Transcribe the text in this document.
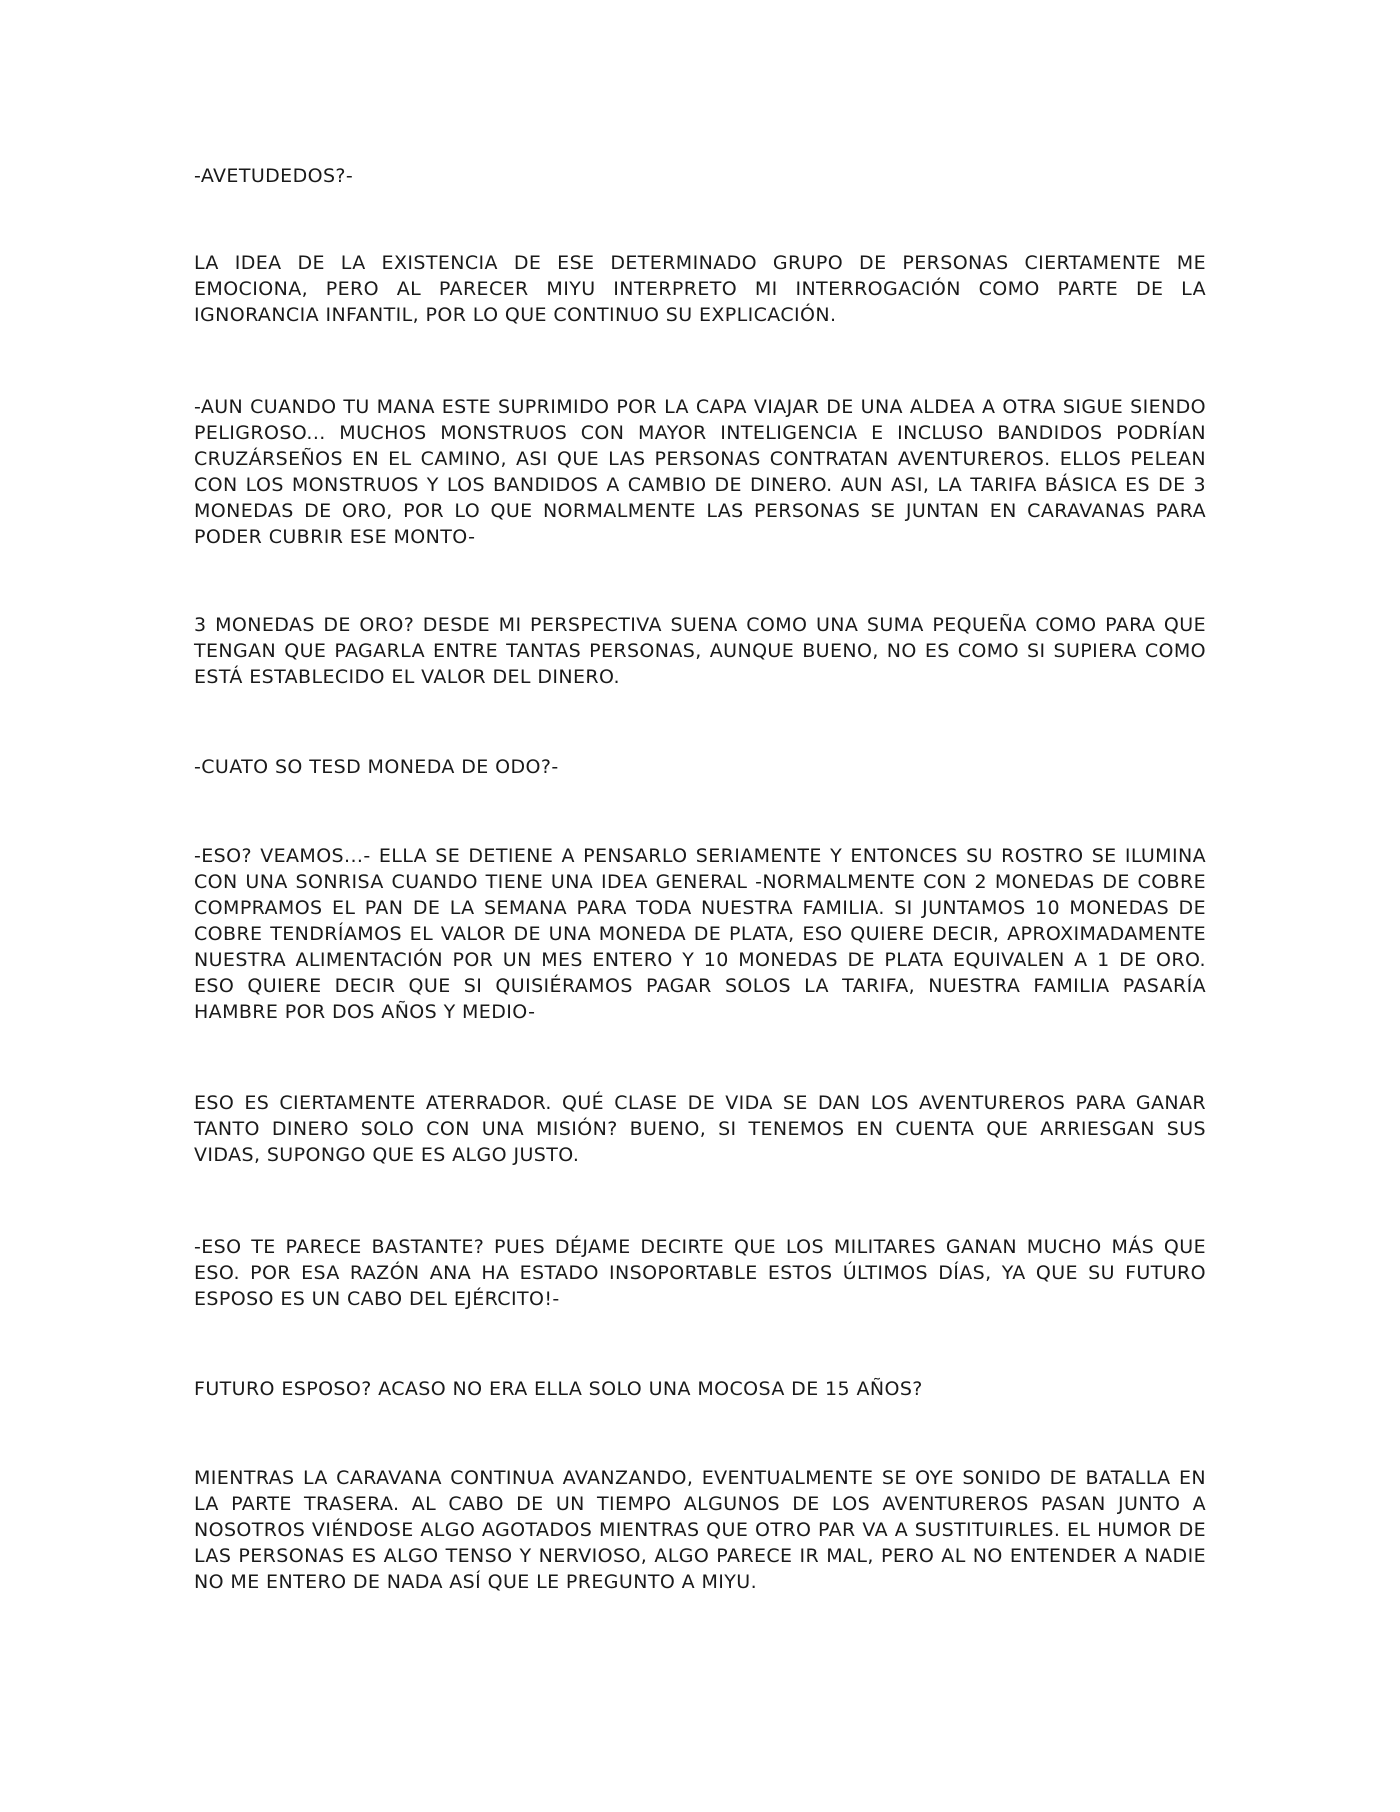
-AVETUDEDOS?-

LA IDEA DE LA EXISTENCIA DE ESE DETERMINADO GRUPO DE PERSONAS CIERTAMENTE ME EMOCIONA, PERO AL PARECER MIYU INTERPRETO MI INTERROGACIÓN COMO PARTE DE LA IGNORANCIA INFANTIL, POR LO QUE CONTINUO SU EXPLICACIÓN.

-AUN CUANDO TU MANA ESTE SUPRIMIDO POR LA CAPA VIAJAR DE UNA ALDEA A OTRA SIGUE SIENDO PELIGROSO... MUCHOS MONSTRUOS CON MAYOR INTELIGENCIA E INCLUSO BANDIDOS PODRÍAN CRUZÁRSEÑOS EN EL CAMINO, ASI QUE LAS PERSONAS CONTRATAN AVENTUREROS. ELLOS PELEAN CON LOS MONSTRUOS Y LOS BANDIDOS A CAMBIO DE DINERO. AUN ASI, LA TARIFA BÁSICA ES DE 3 MONEDAS DE ORO, POR LO QUE NORMALMENTE LAS PERSONAS SE JUNTAN EN CARAVANAS PARA PODER CUBRIR ESE MONTO-

3 MONEDAS DE ORO? DESDE MI PERSPECTIVA SUENA COMO UNA SUMA PEQUEÑA COMO PARA QUE TENGAN QUE PAGARLA ENTRE TANTAS PERSONAS, AUNQUE BUENO, NO ES COMO SI SUPIERA COMO ESTÁ ESTABLECIDO EL VALOR DEL DINERO.

-CUATO SO TESD MONEDA DE ODO?-

-ESO? VEAMOS...- ELLA SE DETIENE A PENSARLO SERIAMENTE Y ENTONCES SU ROSTRO SE ILUMINA CON UNA SONRISA CUANDO TIENE UNA IDEA GENERAL -NORMALMENTE CON 2 MONEDAS DE COBRE COMPRAMOS EL PAN DE LA SEMANA PARA TODA NUESTRA FAMILIA. SI JUNTAMOS 10 MONEDAS DE COBRE TENDRÍAMOS EL VALOR DE UNA MONEDA DE PLATA, ESO QUIERE DECIR, APROXIMADAMENTE NUESTRA ALIMENTACIÓN POR UN MES ENTERO Y 10 MONEDAS DE PLATA EQUIVALEN A 1 DE ORO. ESO QUIERE DECIR QUE SI QUISIÉRAMOS PAGAR SOLOS LA TARIFA, NUESTRA FAMILIA PASARÍA HAMBRE POR DOS AÑOS Y MEDIO-

ESO ES CIERTAMENTE ATERRADOR. QUÉ CLASE DE VIDA SE DAN LOS AVENTUREROS PARA GANAR TANTO DINERO SOLO CON UNA MISIÓN? BUENO, SI TENEMOS EN CUENTA QUE ARRIESGAN SUS VIDAS, SUPONGO QUE ES ALGO JUSTO.

-ESO TE PARECE BASTANTE? PUES DÉJAME DECIRTE QUE LOS MILITARES GANAN MUCHO MÁS QUE ESO. POR ESA RAZÓN ANA HA ESTADO INSOPORTABLE ESTOS ÚLTIMOS DÍAS, YA QUE SU FUTURO ESPOSO ES UN CABO DEL EJÉRCITO!-

FUTURO ESPOSO? ACASO NO ERA ELLA SOLO UNA MOCOSA DE 15 AÑOS?

MIENTRAS LA CARAVANA CONTINUA AVANZANDO, EVENTUALMENTE SE OYE SONIDO DE BATALLA EN LA PARTE TRASERA. AL CABO DE UN TIEMPO ALGUNOS DE LOS AVENTUREROS PASAN JUNTO A NOSOTROS VIÉNDOSE ALGO AGOTADOS MIENTRAS QUE OTRO PAR VA A SUSTITUIRLES. EL HUMOR DE LAS PERSONAS ES ALGO TENSO Y NERVIOSO, ALGO PARECE IR MAL, PERO AL NO ENTENDER A NADIE NO ME ENTERO DE NADA ASÍ QUE LE PREGUNTO A MIYU.
